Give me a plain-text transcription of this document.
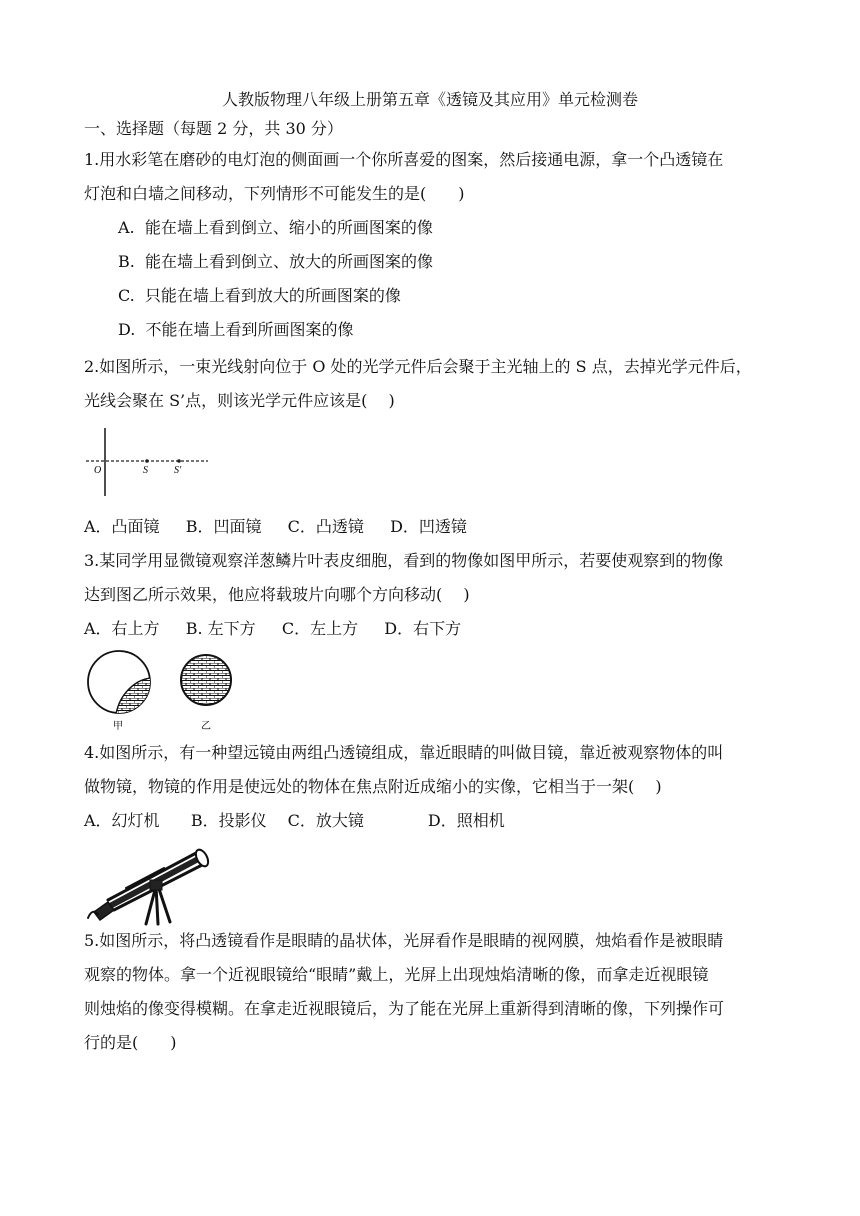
人教版物理八年级上册第五章《透镜及其应用》单元检测卷
一、选择题（每题 2 分，共 30 分）
1.用水彩笔在磨砂的电灯泡的侧面画一个你所喜爱的图案，然后接通电源，拿一个凸透镜在
灯泡和白墙之间移动，下列情形不可能发生的是(　　)
A.  能在墙上看到倒立、缩小的所画图案的像
B.  能在墙上看到倒立、放大的所画图案的像
C.  只能在墙上看到放大的所画图案的像
D.  不能在墙上看到所画图案的像
2.如图所示，一束光线射向位于 O 处的光学元件后会聚于主光轴上的 S 点，去掉光学元件后，
光线会聚在 S’点，则该光学元件应该是(　 )
O	S	S'
A．凸面镜　  B．凹面镜　  C．凸透镜　  D．凹透镜
3.某同学用显微镜观察洋葱鳞片叶表皮细胞，看到的物像如图甲所示，若要使观察到的物像
达到图乙所示效果，他应将载玻片向哪个方向移动(　 )
A．右上方　  B. 左下方　  C．左上方　  D．右下方
甲	乙
4.如图所示，有一种望远镜由两组凸透镜组成，靠近眼睛的叫做目镜，靠近被观察物体的叫
做物镜，物镜的作用是使远处的物体在焦点附近成缩小的实像，它相当于一架(　 )
A．幻灯机　   B．投影仪　 C．放大镜　　　　D．照相机
5.如图所示，将凸透镜看作是眼睛的晶状体，光屏看作是眼睛的视网膜，烛焰看作是被眼睛
观察的物体。拿一个近视眼镜给“眼睛”戴上，光屏上出现烛焰清晰的像，而拿走近视眼镜
则烛焰的像变得模糊。在拿走近视眼镜后，为了能在光屏上重新得到清晰的像，下列操作可
行的是(　　)
